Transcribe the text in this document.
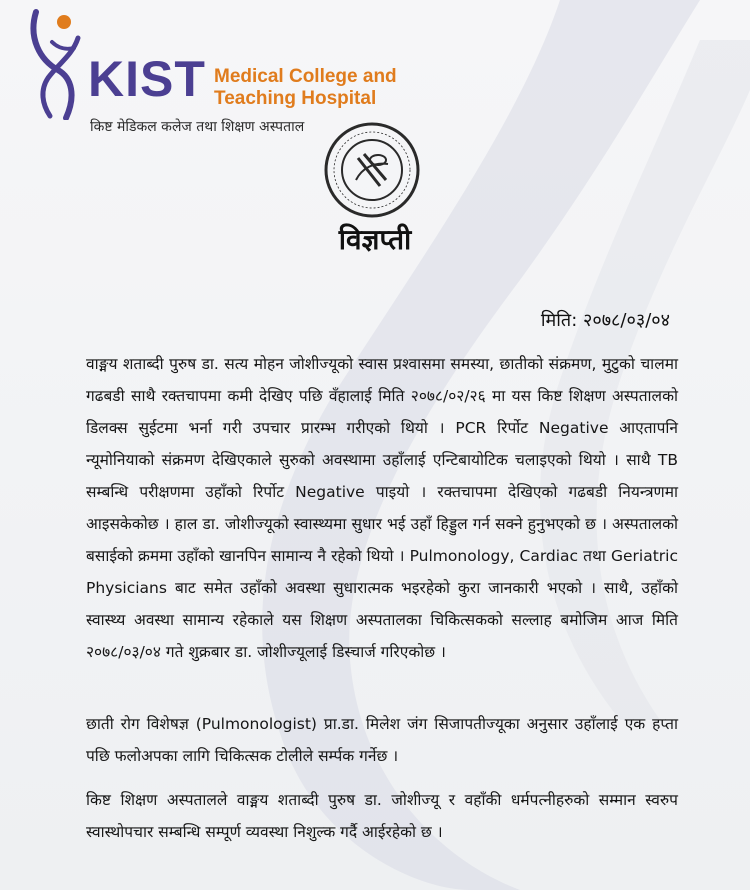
KIST Medical College and
Teaching Hospital
किष्ट मेडिकल कलेज तथा शिक्षण अस्पताल
विज्ञप्ती
मिति: २०७८/०३/०४

वाङ्मय शताब्दी पुरुष डा. सत्य मोहन जोशीज्यूको स्वास प्रश्वासमा समस्या, छातीको संक्रमण, मुटुको चालमा गढबडी साथै रक्तचापमा कमी देखिए पछि वँहालाई मिति २०७८/०२/२६ मा यस किष्ट शिक्षण अस्पतालको डिलक्स सुईटमा भर्ना गरी उपचार प्रारम्भ गरीएको थियो । PCR रिर्पोट Negative आएतापनि न्यूमोनियाको संक्रमण देखिएकाले सुरुको अवस्थामा उहाँलाई एन्टिबायोटिक चलाइएको थियो । साथै TB सम्बन्धि परीक्षणमा उहाँको रिर्पोट Negative पाइयो । रक्तचापमा देखिएको गढबडी नियन्त्रणमा आइसकेकोछ । हाल डा. जोशीज्यूको स्वास्थ्यमा सुधार भई उहाँ हिड्डुल गर्न सक्ने हुनुभएको छ । अस्पतालको बसाईको क्रममा उहाँको खानपिन सामान्य नै रहेको थियो । Pulmonology, Cardiac तथा Geriatric Physicians बाट समेत उहाँको अवस्था सुधारात्मक भइरहेको कुरा जानकारी भएको । साथै, उहाँको स्वास्थ्य अवस्था सामान्य रहेकाले यस शिक्षण अस्पतालका चिकित्सकको सल्लाह बमोजिम आज मिति २०७८/०३/०४ गते शुक्रबार डा. जोशीज्यूलाई डिस्चार्ज गरिएकोछ ।

छाती रोग विशेषज्ञ (Pulmonologist) प्रा.डा. मिलेश जंग सिजापतीज्यूका अनुसार उहाँलाई एक हप्ता पछि फलोअपका लागि चिकित्सक टोलीले सर्म्पक गर्नेछ ।

किष्ट शिक्षण अस्पतालले वाङ्मय शताब्दी पुरुष डा. जोशीज्यू र वहाँकी धर्मपत्नीहरुको सम्मान स्वरुप स्वास्थोपचार सम्बन्धि सम्पूर्ण व्यवस्था निशुल्क गर्दै आईरहेको छ ।
